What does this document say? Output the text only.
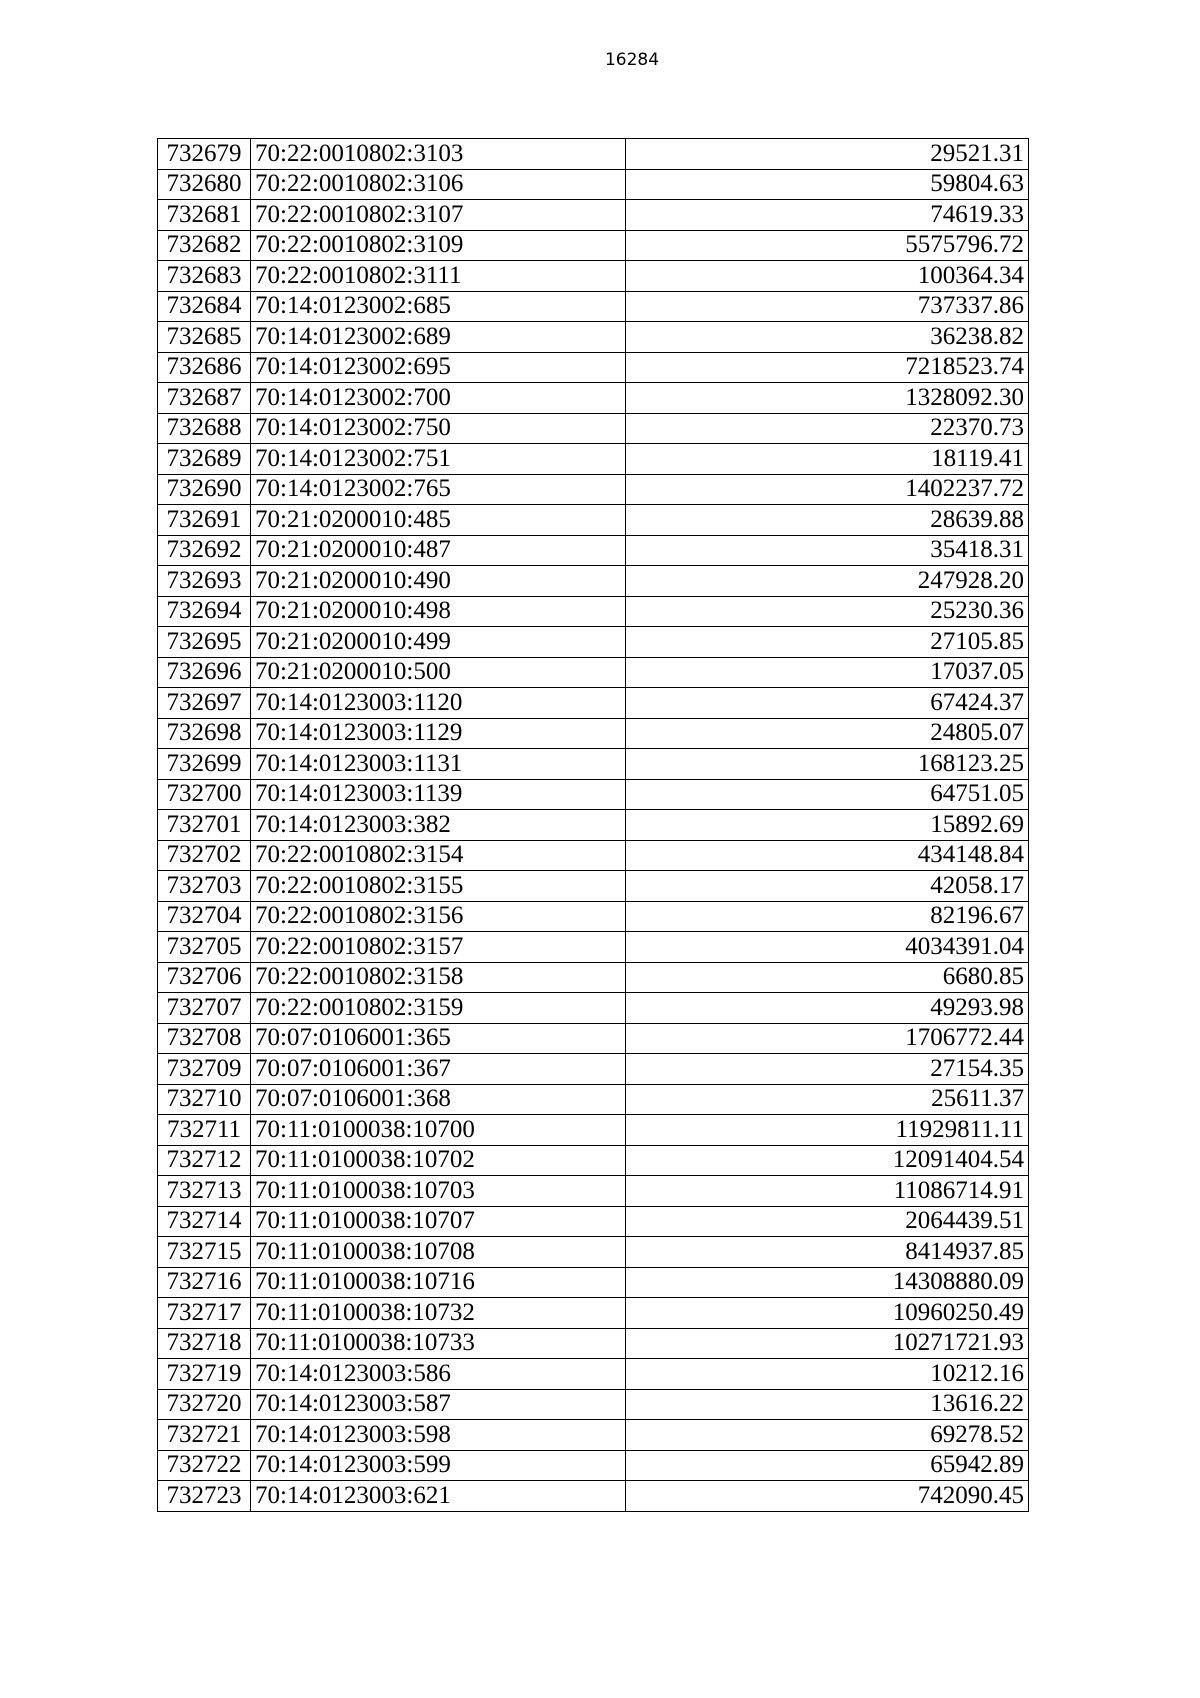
16284
732679	70:22:0010802:3103	29521.31
732680	70:22:0010802:3106	59804.63
732681	70:22:0010802:3107	74619.33
732682	70:22:0010802:3109	5575796.72
732683	70:22:0010802:3111	100364.34
732684	70:14:0123002:685	737337.86
732685	70:14:0123002:689	36238.82
732686	70:14:0123002:695	7218523.74
732687	70:14:0123002:700	1328092.30
732688	70:14:0123002:750	22370.73
732689	70:14:0123002:751	18119.41
732690	70:14:0123002:765	1402237.72
732691	70:21:0200010:485	28639.88
732692	70:21:0200010:487	35418.31
732693	70:21:0200010:490	247928.20
732694	70:21:0200010:498	25230.36
732695	70:21:0200010:499	27105.85
732696	70:21:0200010:500	17037.05
732697	70:14:0123003:1120	67424.37
732698	70:14:0123003:1129	24805.07
732699	70:14:0123003:1131	168123.25
732700	70:14:0123003:1139	64751.05
732701	70:14:0123003:382	15892.69
732702	70:22:0010802:3154	434148.84
732703	70:22:0010802:3155	42058.17
732704	70:22:0010802:3156	82196.67
732705	70:22:0010802:3157	4034391.04
732706	70:22:0010802:3158	6680.85
732707	70:22:0010802:3159	49293.98
732708	70:07:0106001:365	1706772.44
732709	70:07:0106001:367	27154.35
732710	70:07:0106001:368	25611.37
732711	70:11:0100038:10700	11929811.11
732712	70:11:0100038:10702	12091404.54
732713	70:11:0100038:10703	11086714.91
732714	70:11:0100038:10707	2064439.51
732715	70:11:0100038:10708	8414937.85
732716	70:11:0100038:10716	14308880.09
732717	70:11:0100038:10732	10960250.49
732718	70:11:0100038:10733	10271721.93
732719	70:14:0123003:586	10212.16
732720	70:14:0123003:587	13616.22
732721	70:14:0123003:598	69278.52
732722	70:14:0123003:599	65942.89
732723	70:14:0123003:621	742090.45
